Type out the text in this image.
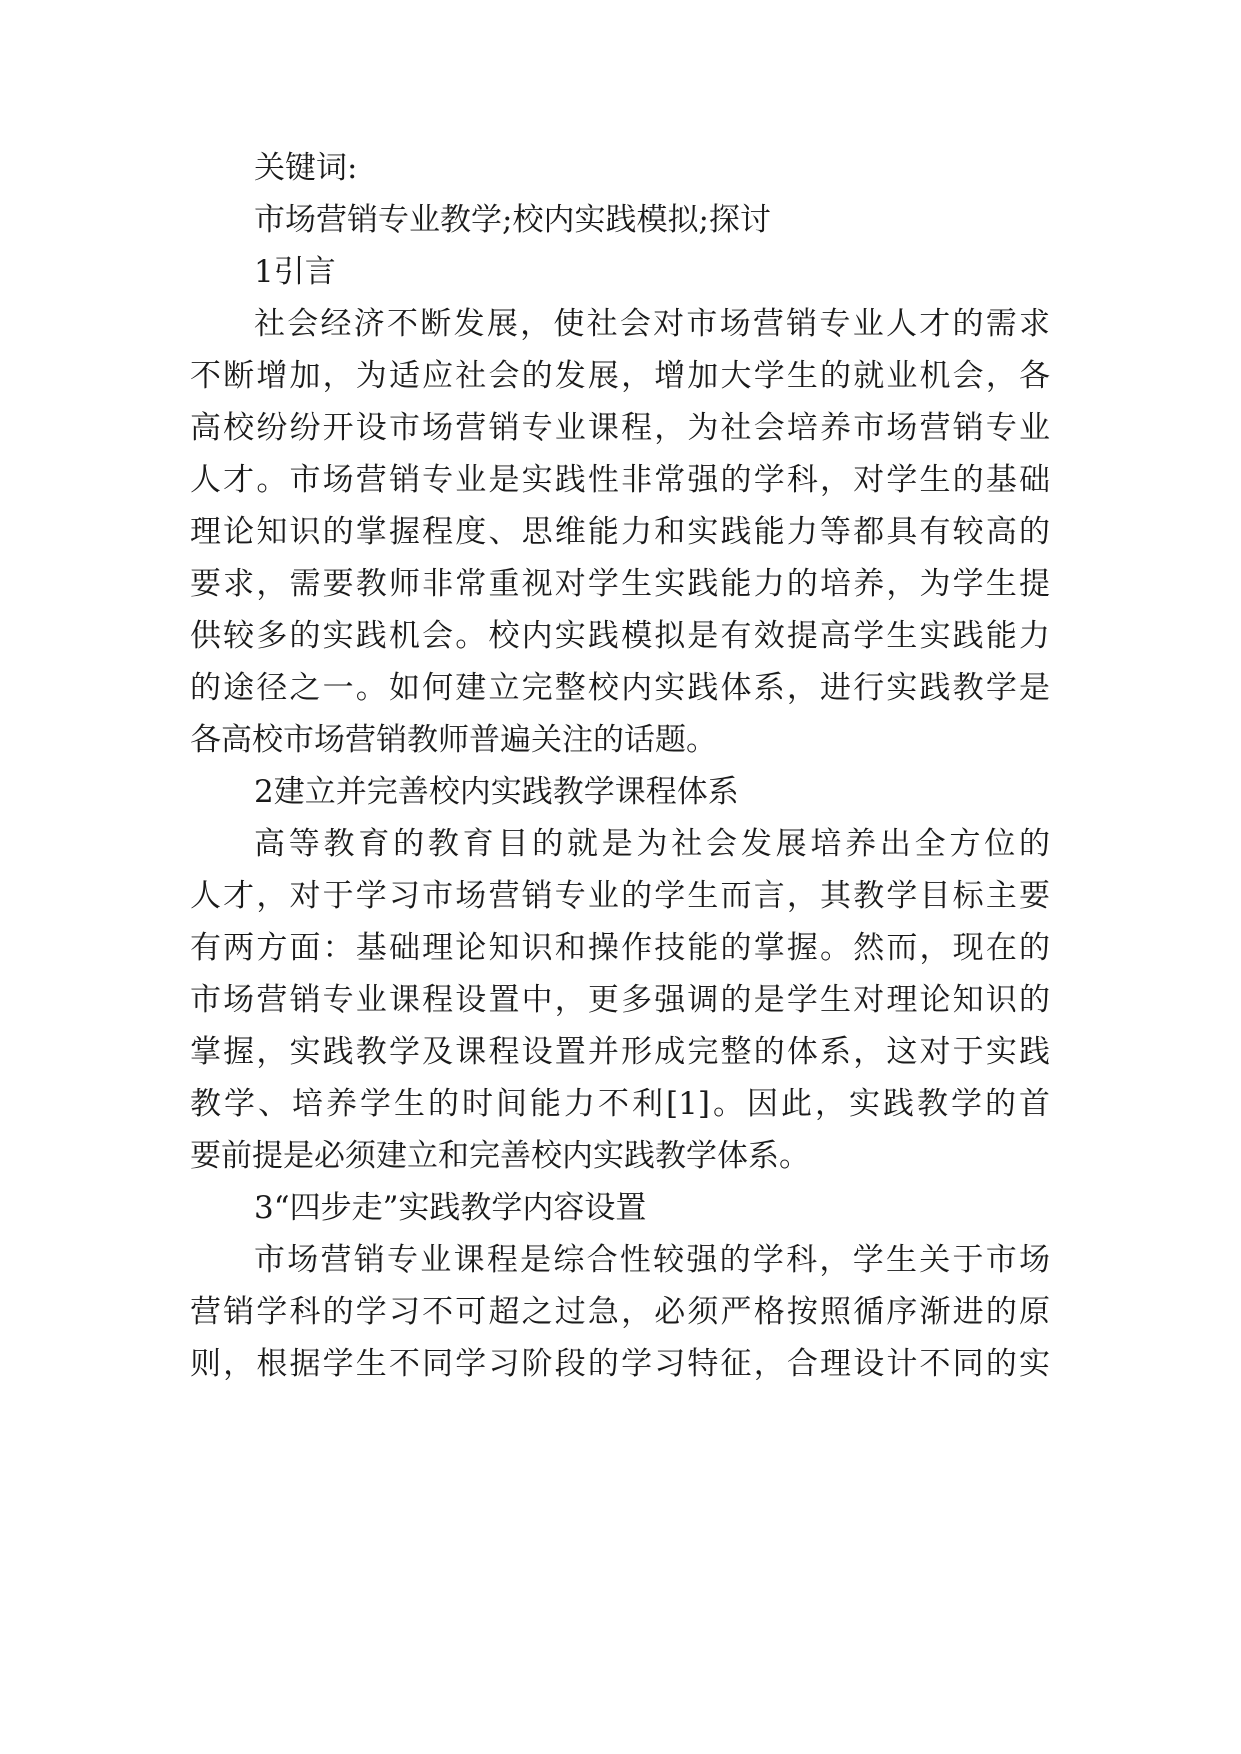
关键词:
市场营销专业教学;校内实践模拟;探讨
1引言
社会经济不断发展，使社会对市场营销专业人才的需求
不断增加，为适应社会的发展，增加大学生的就业机会，各
高校纷纷开设市场营销专业课程，为社会培养市场营销专业
人才。市场营销专业是实践性非常强的学科，对学生的基础
理论知识的掌握程度、思维能力和实践能力等都具有较高的
要求，需要教师非常重视对学生实践能力的培养，为学生提
供较多的实践机会。校内实践模拟是有效提高学生实践能力
的途径之一。如何建立完整校内实践体系，进行实践教学是
各高校市场营销教师普遍关注的话题。
2建立并完善校内实践教学课程体系
高等教育的教育目的就是为社会发展培养出全方位的
人才，对于学习市场营销专业的学生而言，其教学目标主要
有两方面：基础理论知识和操作技能的掌握。然而，现在的
市场营销专业课程设置中，更多强调的是学生对理论知识的
掌握，实践教学及课程设置并形成完整的体系，这对于实践
教学、培养学生的时间能力不利[1]。因此，实践教学的首
要前提是必须建立和完善校内实践教学体系。
3“四步走”实践教学内容设置
市场营销专业课程是综合性较强的学科，学生关于市场
营销学科的学习不可超之过急，必须严格按照循序渐进的原
则，根据学生不同学习阶段的学习特征，合理设计不同的实
